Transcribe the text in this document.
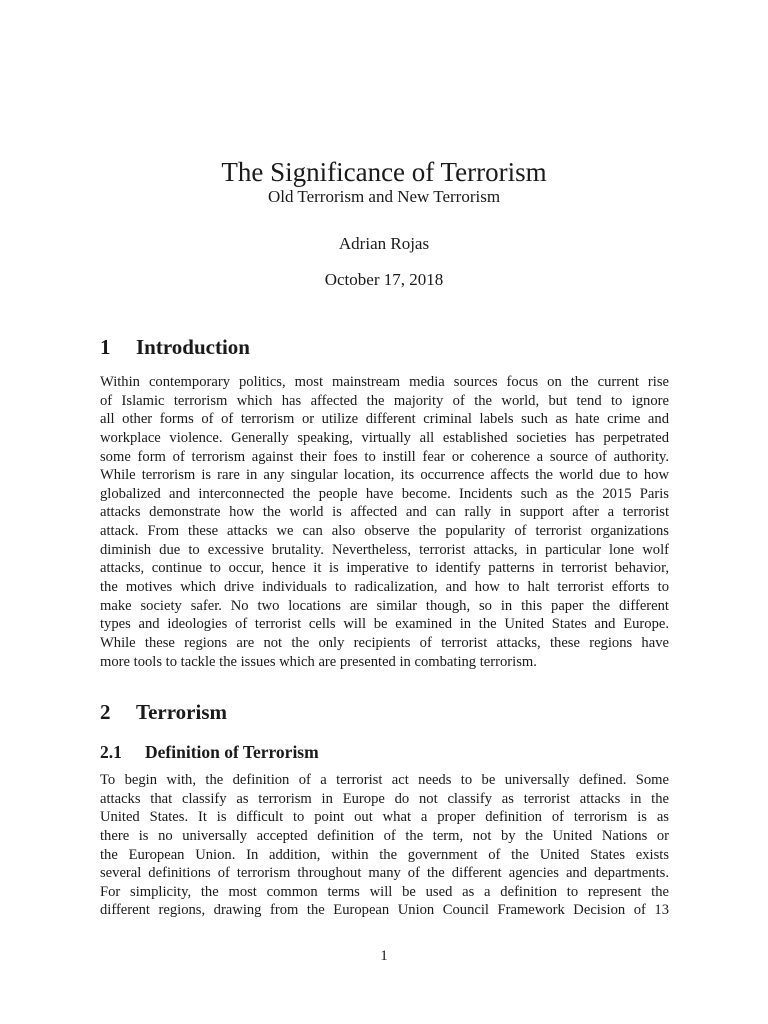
The Significance of Terrorism
Old Terrorism and New Terrorism
Adrian Rojas
October 17, 2018
1 Introduction
Within contemporary politics, most mainstream media sources focus on the current rise
of Islamic terrorism which has affected the majority of the world, but tend to ignore
all other forms of of terrorism or utilize different criminal labels such as hate crime and
workplace violence. Generally speaking, virtually all established societies has perpetrated
some form of terrorism against their foes to instill fear or coherence a source of authority.
While terrorism is rare in any singular location, its occurrence affects the world due to how
globalized and interconnected the people have become. Incidents such as the 2015 Paris
attacks demonstrate how the world is affected and can rally in support after a terrorist
attack. From these attacks we can also observe the popularity of terrorist organizations
diminish due to excessive brutality. Nevertheless, terrorist attacks, in particular lone wolf
attacks, continue to occur, hence it is imperative to identify patterns in terrorist behavior,
the motives which drive individuals to radicalization, and how to halt terrorist efforts to
make society safer. No two locations are similar though, so in this paper the different
types and ideologies of terrorist cells will be examined in the United States and Europe.
While these regions are not the only recipients of terrorist attacks, these regions have
more tools to tackle the issues which are presented in combating terrorism.
2 Terrorism
2.1 Definition of Terrorism
To begin with, the definition of a terrorist act needs to be universally defined. Some
attacks that classify as terrorism in Europe do not classify as terrorist attacks in the
United States. It is difficult to point out what a proper definition of terrorism is as
there is no universally accepted definition of the term, not by the United Nations or
the European Union. In addition, within the government of the United States exists
several definitions of terrorism throughout many of the different agencies and departments.
For simplicity, the most common terms will be used as a definition to represent the
different regions, drawing from the European Union Council Framework Decision of 13
1
